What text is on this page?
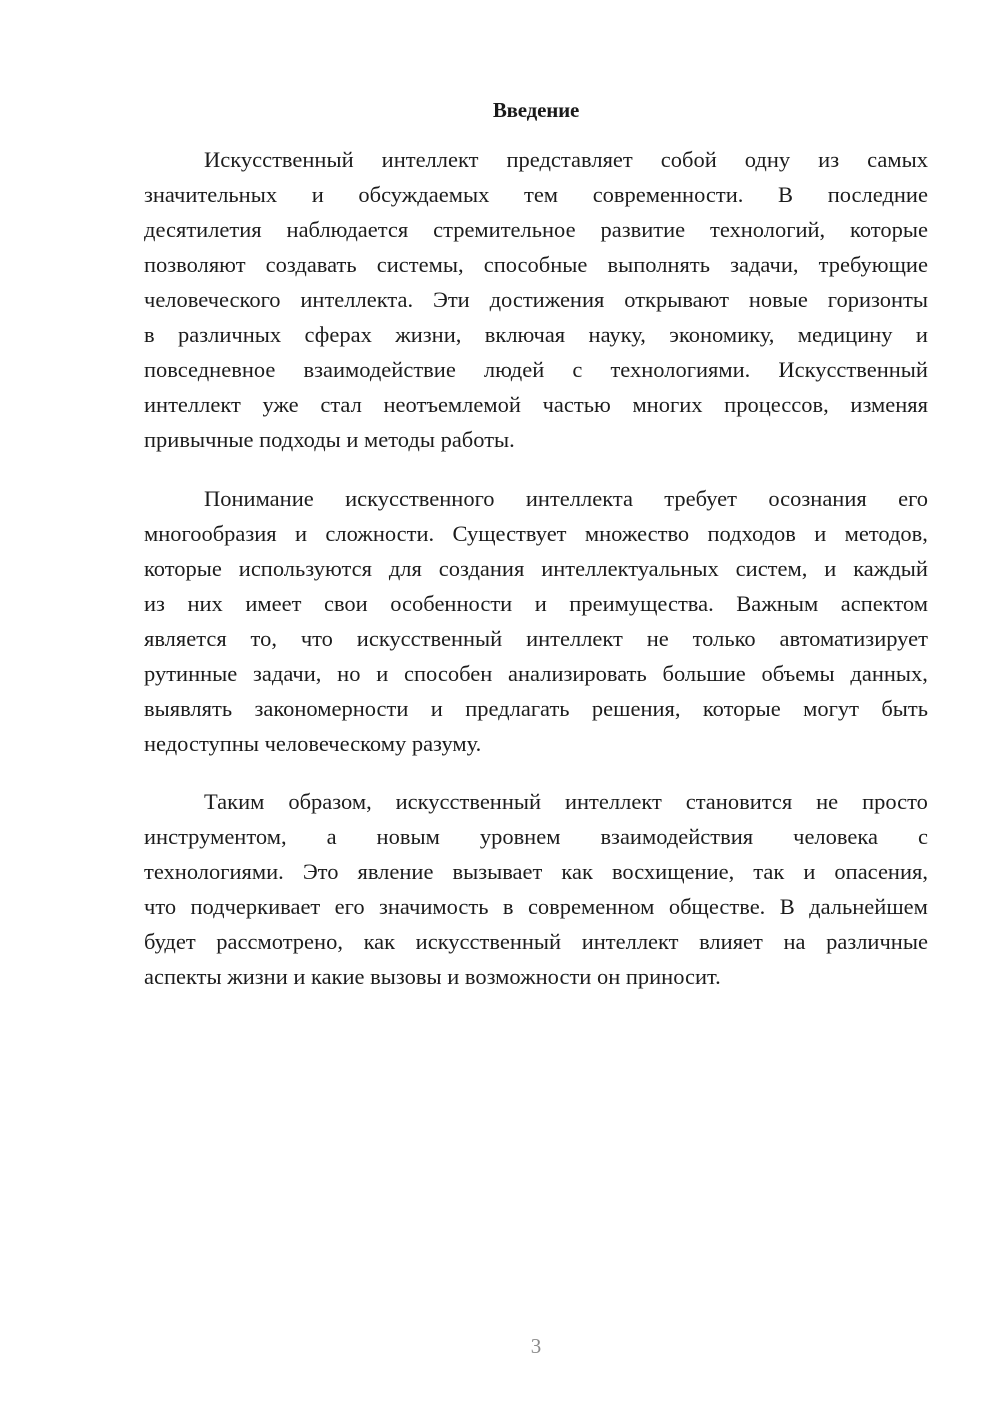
Введение
Искусственный интеллект представляет собой одну из самых
значительных и обсуждаемых тем современности. В последние
десятилетия наблюдается стремительное развитие технологий, которые
позволяют создавать системы, способные выполнять задачи, требующие
человеческого интеллекта. Эти достижения открывают новые горизонты
в различных сферах жизни, включая науку, экономику, медицину и
повседневное взаимодействие людей с технологиями. Искусственный
интеллект уже стал неотъемлемой частью многих процессов, изменяя
привычные подходы и методы работы.
Понимание искусственного интеллекта требует осознания его
многообразия и сложности. Существует множество подходов и методов,
которые используются для создания интеллектуальных систем, и каждый
из них имеет свои особенности и преимущества. Важным аспектом
является то, что искусственный интеллект не только автоматизирует
рутинные задачи, но и способен анализировать большие объемы данных,
выявлять закономерности и предлагать решения, которые могут быть
недоступны человеческому разуму.
Таким образом, искусственный интеллект становится не просто
инструментом, а новым уровнем взаимодействия человека с
технологиями. Это явление вызывает как восхищение, так и опасения,
что подчеркивает его значимость в современном обществе. В дальнейшем
будет рассмотрено, как искусственный интеллект влияет на различные
аспекты жизни и какие вызовы и возможности он приносит.
3
